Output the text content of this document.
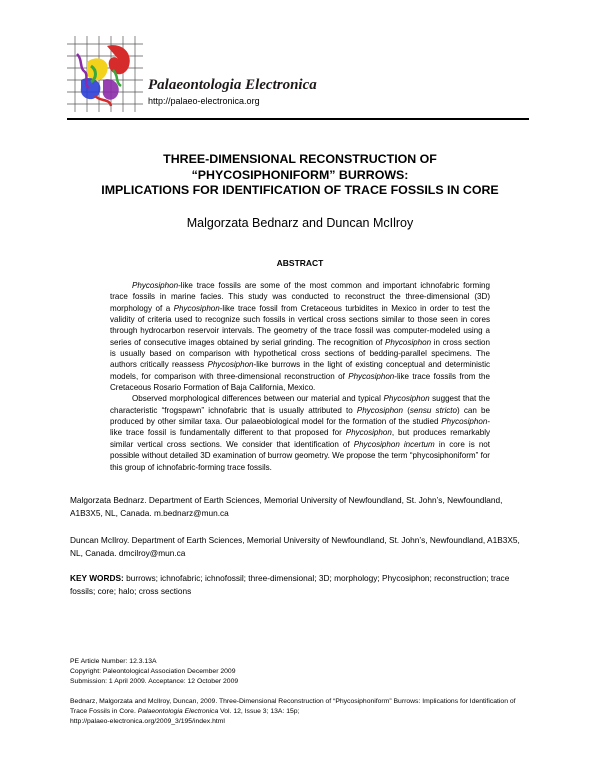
Palaeontologia Electronica
http://palaeo-electronica.org
THREE-DIMENSIONAL RECONSTRUCTION OF
“PHYCOSIPHONIFORM” BURROWS:
IMPLICATIONS FOR IDENTIFICATION OF TRACE FOSSILS IN CORE
Malgorzata Bednarz and Duncan McIlroy
ABSTRACT

Phycosiphon-like trace fossils are some of the most common and important ichnofabric forming trace fossils in marine facies. This study was conducted to reconstruct the three-dimensional (3D) morphology of a Phycosiphon-like trace fossil from Cretaceous turbidites in Mexico in order to test the validity of criteria used to recognize such fossils in vertical cross sections similar to those seen in cores through hydrocarbon reservoir intervals. The geometry of the trace fossil was computer-modeled using a series of consecutive images obtained by serial grinding. The recognition of Phycosiphon in cross section is usually based on comparison with hypothetical cross sections of bedding-parallel specimens. The authors critically reassess Phycosiphon-like burrows in the light of existing conceptual and deterministic models, for comparison with three-dimensional reconstruction of Phycosiphon-like trace fossils from the Cretaceous Rosario Formation of Baja California, Mexico.

Observed morphological differences between our material and typical Phycosiphon suggest that the characteristic “frogspawn” ichnofabric that is usually attributed to Phycosiphon (sensu stricto) can be produced by other similar taxa. Our palaeobiological model for the formation of the studied Phycosiphon-like trace fossil is fundamentally different to that proposed for Phycosiphon, but produces remarkably similar vertical cross sections. We consider that identification of Phycosiphon incertum in core is not possible without detailed 3D examination of burrow geometry. We propose the term “phycosiphoniform” for this group of ichnofabric-forming trace fossils.

Malgorzata Bednarz. Department of Earth Sciences, Memorial University of Newfoundland, St. John’s, Newfoundland, A1B3X5, NL, Canada. m.bednarz@mun.ca
Duncan McIlroy. Department of Earth Sciences, Memorial University of Newfoundland, St. John’s, Newfoundland, A1B3X5, NL, Canada. dmcilroy@mun.ca
KEY WORDS: burrows; ichnofabric; ichnofossil; three-dimensional; 3D; morphology; Phycosiphon; reconstruction; trace fossils; core; halo; cross sections
PE Article Number: 12.3.13A
Copyright: Paleontological Association December 2009
Submission: 1 April 2009. Acceptance: 12 October 2009
Bednarz, Malgorzata and McIlroy, Duncan, 2009. Three-Dimensional Reconstruction of “Phycosiphoniform” Burrows: Implications for Identification of Trace Fossils in Core. Palaeontologia Electronica Vol. 12, Issue 3; 13A: 15p;
http://palaeo-electronica.org/2009_3/195/index.html
